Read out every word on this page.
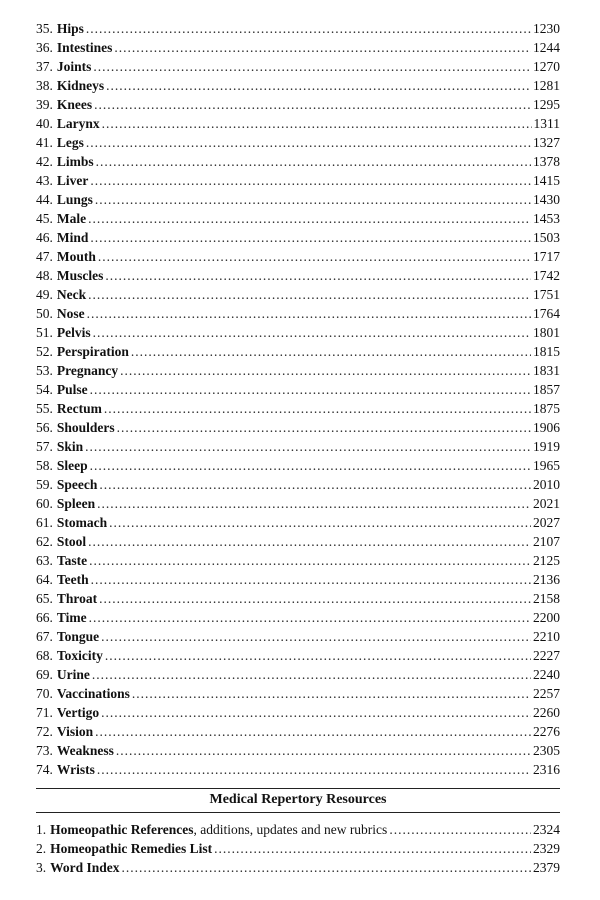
35. Hips .....	1230
36. Intestines .....	1244
37. Joints .....	1270
38. Kidneys .....	1281
39. Knees .....	1295
40. Larynx .....	1311
41. Legs .....	1327
42. Limbs .....	1378
43. Liver .....	1415
44. Lungs .....	1430
45. Male .....	1453
46. Mind .....	1503
47. Mouth .....	1717
48. Muscles .....	1742
49. Neck .....	1751
50. Nose .....	1764
51. Pelvis .....	1801
52. Perspiration .....	1815
53. Pregnancy .....	1831
54. Pulse .....	1857
55. Rectum .....	1875
56. Shoulders .....	1906
57. Skin .....	1919
58. Sleep .....	1965
59. Speech .....	2010
60. Spleen .....	2021
61. Stomach .....	2027
62. Stool .....	2107
63. Taste .....	2125
64. Teeth .....	2136
65. Throat .....	2158
66. Time .....	2200
67. Tongue .....	2210
68. Toxicity .....	2227
69. Urine .....	2240
70. Vaccinations .....	2257
71. Vertigo .....	2260
72. Vision .....	2276
73. Weakness .....	2305
74. Wrists .....	2316
Medical Repertory Resources
1. Homeopathic References , additions, updates and new rubrics .....	2324
2. Homeopathic Remedies List .....	2329
3. Word Index .....	2379
